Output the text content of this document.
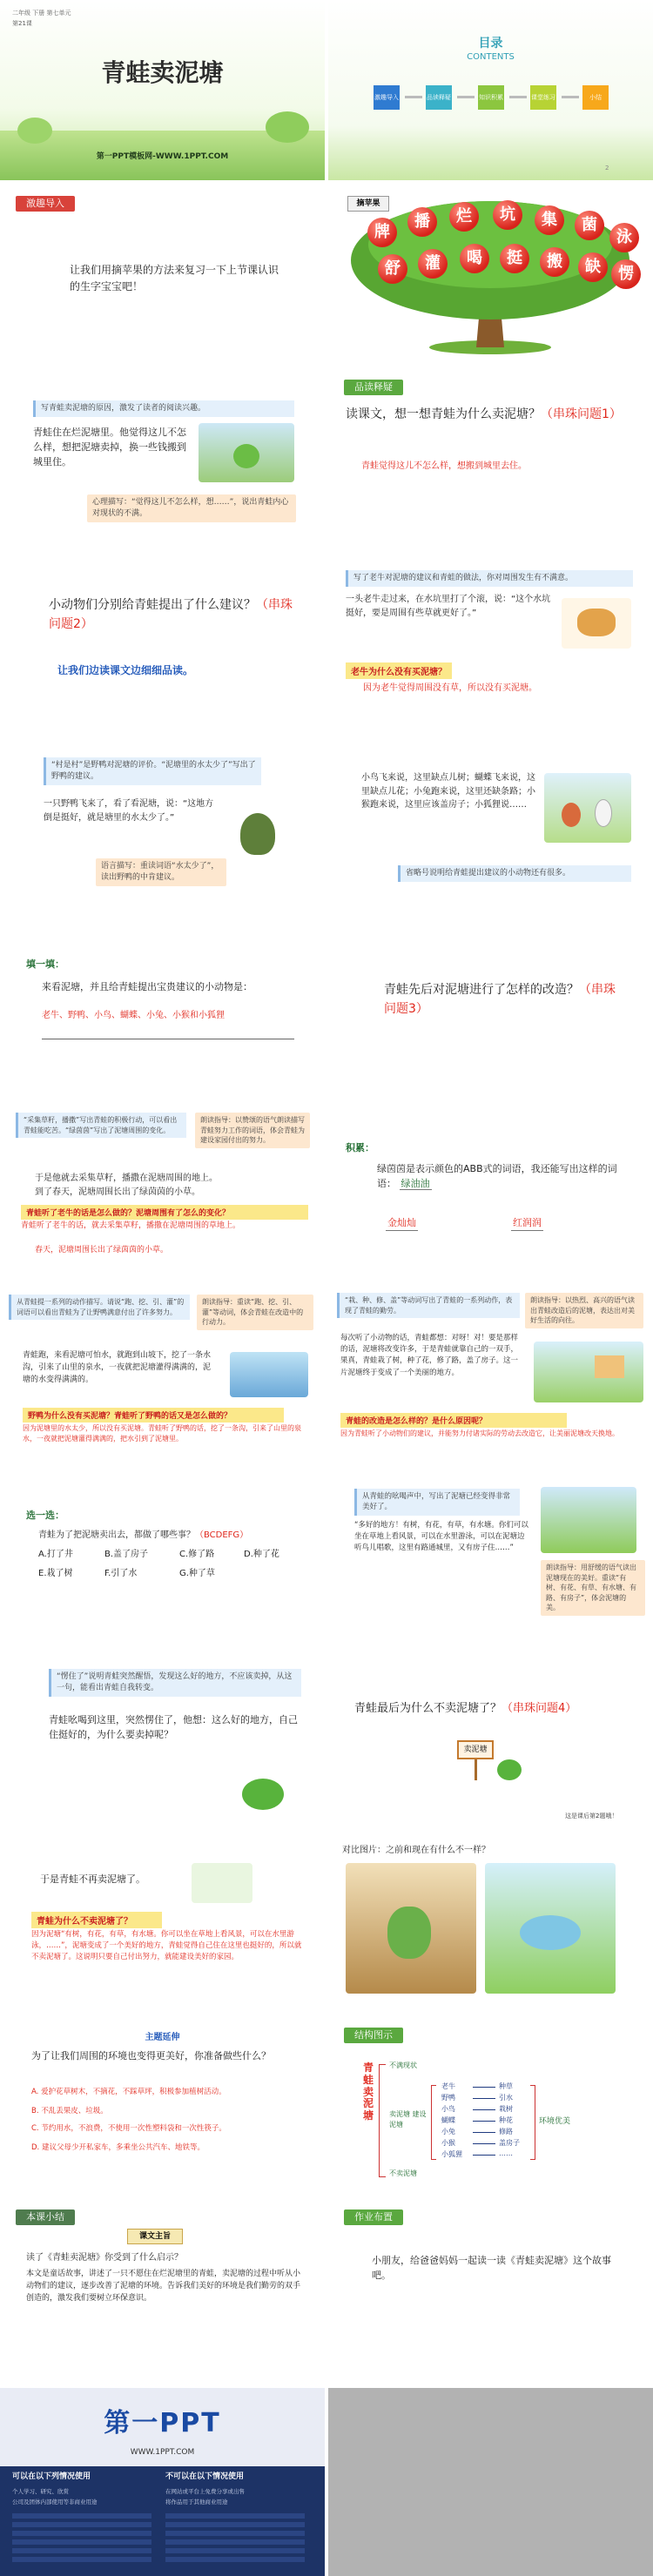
二年级 下册 第七单元
第21课
青蛙卖泥塘
第一PPT模板网-WWW.1PPT.COM
目录
CONTENTS
激趣导入	品读释疑	知识积累	课堂练习	小结
2
激趣导入
让我们用摘苹果的方法来复习一下上节课认识的生字宝宝吧！
摘苹果
牌
播	烂	坑	集	菌
泳
舒	灌	喝	挺	搬	缺	愣
写青蛙卖泥塘的原因，激发了读者的阅读兴趣。
青蛙住在烂泥塘里。他觉得这儿不怎么样，想把泥塘卖掉，换一些钱搬到城里住。
心理描写：“觉得这儿不怎么样，想……”，说出青蛙内心对现状的不满。
品读释疑
读课文，想一想青蛙为什么卖泥塘？（串珠问题1）
青蛙觉得这儿不怎么样，想搬到城里去住。
小动物们分别给青蛙提出了什么建议？（串珠问题2）
让我们边读课文边细细品读。
写了老牛对泥塘的建议和青蛙的做法，你对周围发生有不满意。
一头老牛走过来，在水坑里打了个滚，说：“这个水坑挺好，要是周围有些草就更好了。”
老牛为什么没有买泥塘？
因为老牛觉得周围没有草，所以没有买泥塘。
“村是村”是野鸭对泥塘的评价。“泥塘里的水太少了”写出了野鸭的建议。
一只野鸭飞来了，看了看泥塘，说：“这地方倒是挺好，就是塘里的水太少了。”
语言描写：重读词语“水太少了”，读出野鸭的中肯建议。
小鸟飞来说，这里缺点儿树；蝴蝶飞来说，这里缺点儿花；小兔跑来说，这里还缺条路；小猴跑来说，这里应该盖房子；小狐狸说……
省略号说明给青蛙提出建议的小动物还有很多。
填一填：
来看泥塘，并且给青蛙提出宝贵建议的小动物是：
老牛、野鸭、小鸟、蝴蝶、小兔、小猴和小狐狸
青蛙先后对泥塘进行了怎样的改造？（串珠问题3）
“采集草籽，播撒”写出青蛙的积极行动，可以看出青蛙能吃苦。“绿茵茵”写出了泥塘周围的变化。
朗读指导：以赞颂的语气朗读描写青蛙努力工作的词语，体会青蛙为建设家园付出的努力。
于是他就去采集草籽，播撒在泥塘周围的地上。
到了春天，泥塘周围长出了绿茵茵的小草。
青蛙听了老牛的话是怎么做的？泥塘周围有了怎么的变化？
青蛙听了老牛的话，就去采集草籽，播撒在泥塘周围的草地上。
春天，泥塘周围长出了绿茵茵的小草。
积累：
绿茵茵是表示颜色的ABB式的词语，我还能写出这样的词语： 绿油油
金灿灿	红润润
从青蛙提一系列的动作描写。请说“跑、挖、引、灌”的词语可以看出青蛙为了让野鸭满意付出了许多努力。
朗读指导：重读“跑、挖、引、灌”等动词，体会青蛙在改造中的行动力。
青蛙跑，来看泥塘可怕水，就跑到山坡下，挖了一条水沟，引来了山里的泉水，一夜就把泥塘灌得满满的，泥塘的水变得满满的。
野鸭为什么没有买泥塘？青蛙听了野鸭的话又是怎么做的？
因为泥塘里的水太少，所以没有买泥塘。青蛙听了野鸭的话，挖了一条沟，引来了山里的泉水，一夜就把泥塘灌得满满的，把水引到了泥塘里。
“栽、种、修、盖”等动词写出了青蛙的一系列动作，表现了青蛙的勤劳。
朗读指导：以热烈、高兴的语气读出青蛙改造后的泥塘，表达出对美好生活的向往。
每次听了小动物的话，青蛙都想：对呀！对！要是那样的话，泥塘将改变许多，于是青蛙就靠自己的一双手，果真，青蛙栽了树，种了花，修了路，盖了房子。这一片泥塘终于变成了一个美丽的地方。
青蛙的改造是怎么样的？是什么原因呢？
因为青蛙听了小动物们的建议，并能努力付诸实际的劳动去改造它，让美丽泥塘改天换地。
选一选：
青蛙为了把泥塘卖出去，都做了哪些事？（BCDEFG）
A.打了井	B.盖了房子	C.修了路	D.种了花
E.栽了树	F.引了水	G.种了草
从青蛙的吆喝声中，写出了泥塘已经变得非常美好了。
“多好的地方！有树，有花，有草，有水塘。你们可以坐在草地上看风景，可以在水里游泳，可以在泥塘边听鸟儿唱歌，这里有路通城里，又有房子住……”
朗读指导：用舒缓的语气读出泥塘现在的美好。重读“有树、有花、有草、有水塘、有路、有房子”，体会泥塘的美。
“愣住了”说明青蛙突然醒悟，发现这么好的地方，不应该卖掉，从这一句，能看出青蛙自我转变。
青蛙吆喝到这里，突然愣住了，他想：这么好的地方，自己住挺好的，为什么要卖掉呢？
青蛙最后为什么不卖泥塘了？（串珠问题4）
卖泥塘
这是课后第2题哦！
于是青蛙不再卖泥塘了。
青蛙为什么不卖泥塘了？
因为泥塘“有树，有花，有草，有水塘。你可以坐在草地上看风景，可以在水里游泳，……”，泥塘变成了一个美好的地方，青蛙觉得自己住在这里也挺好的，所以就不卖泥塘了。这说明只要自己付出努力，就能建设美好的家园。
对比图片：之前和现在有什么不一样？
主题延伸
为了让我们周围的环境也变得更美好，你准备做些什么？
A. 爱护花草树木，不摘花，不踩草坪，积极参加植树活动。
B. 不乱丢果皮、垃圾。
C. 节约用水，不浪费，不使用一次性塑料袋和一次性筷子。
D. 建议父母少开私家车，多乘坐公共汽车、地铁等。
结构图示
青蛙卖泥塘
不满现状
卖泥塘 建设泥塘
不卖泥塘
老牛	种草
野鸭	引水
小鸟	栽树
蝴蝶	种花
小兔	修路
小猴	盖房子
小狐狸	……
环境优美
本课小结
课文主旨
读了《青蛙卖泥塘》你受到了什么启示？
本文是童话故事，讲述了一只不愿住在烂泥塘里的青蛙，卖泥塘的过程中听从小动物们的建议，逐步改善了泥塘的环境。告诉我们美好的环境是我们勤劳的双手创造的，激发我们要树立环保意识。
作业布置
小朋友，给爸爸妈妈一起读一读《青蛙卖泥塘》这个故事吧。
第一PPT
WWW.1PPT.COM
可以在以下列情况使用	不可以在以下情况使用
个人学习、研究、欣赏
公司及团体内部使用等非商业用途
在网站或平台上免费分享或出售
将作品用于其他商业用途
